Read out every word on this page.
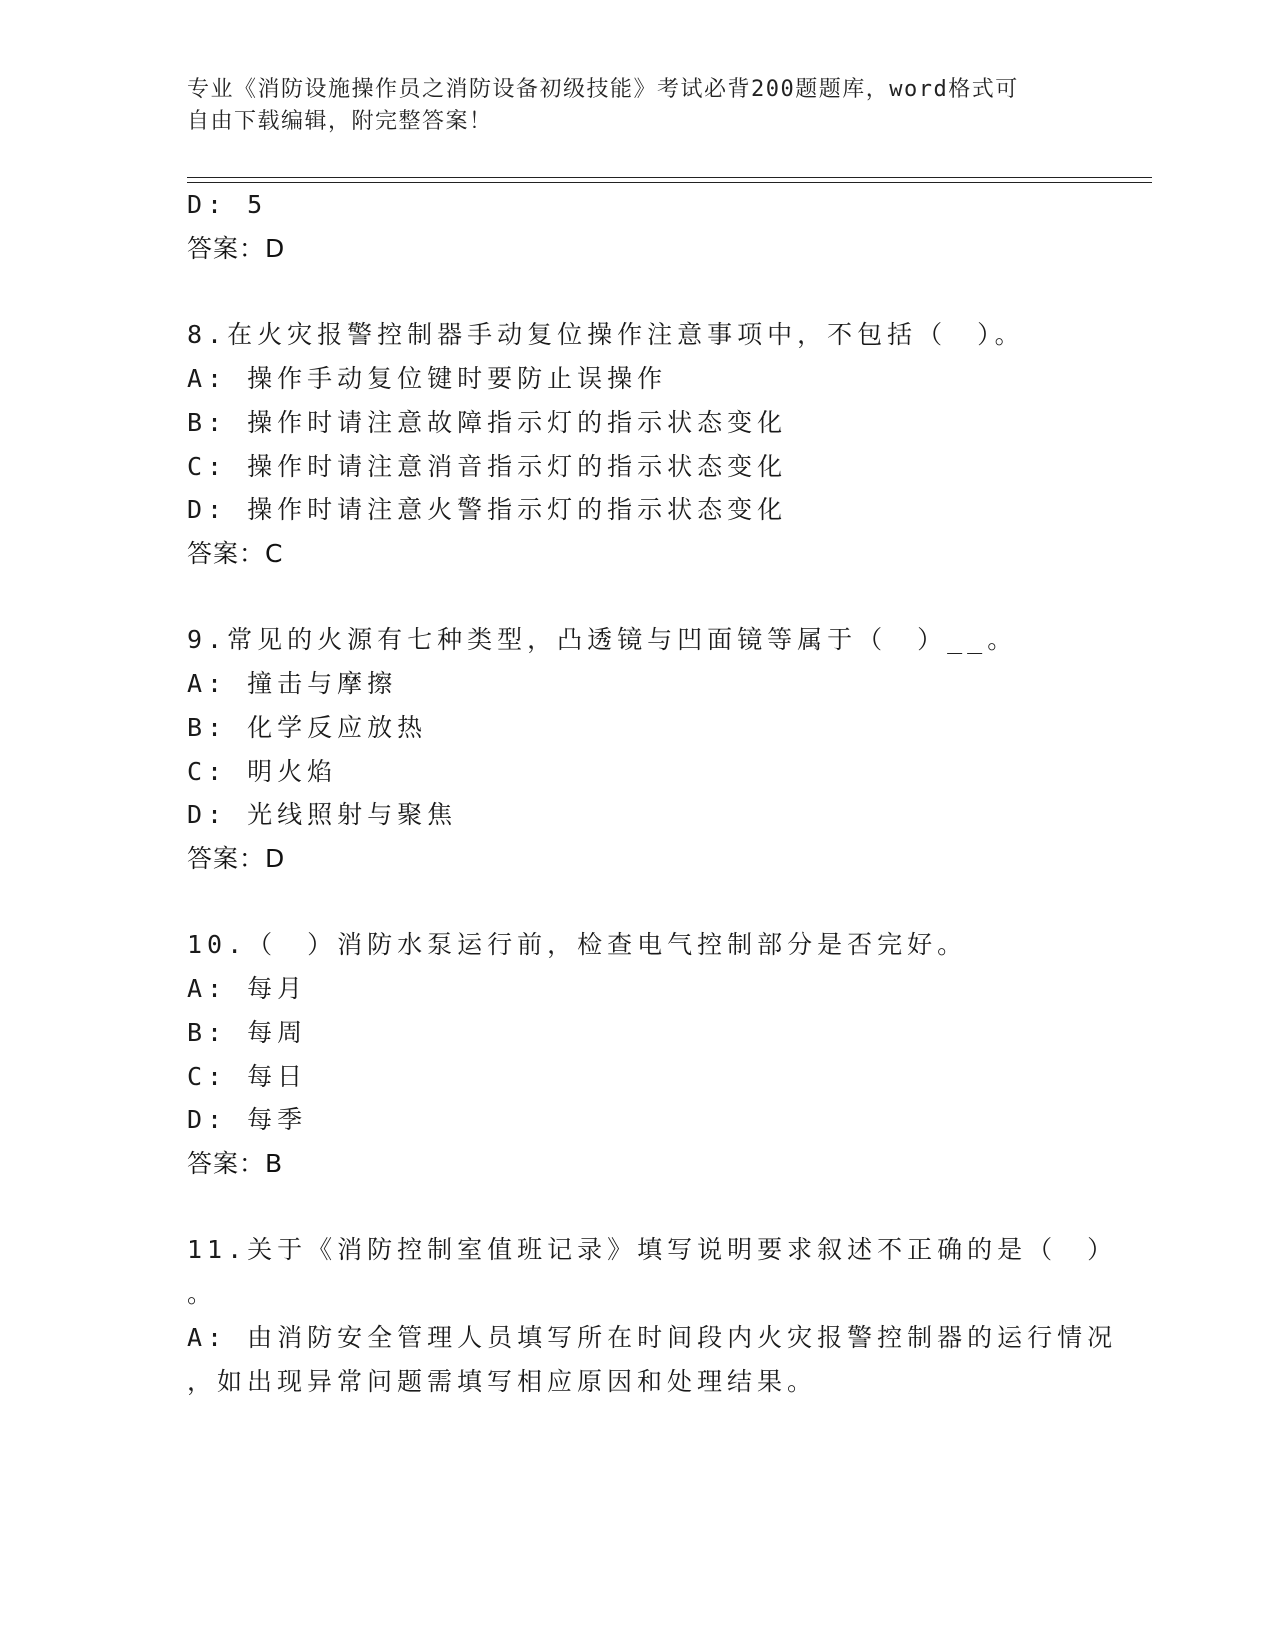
专业《消防设施操作员之消防设备初级技能》考试必背200题题库，word格式可
自由下载编辑，附完整答案！
D: 5
答案：D
8.在火灾报警控制器手动复位操作注意事项中，不包括（　）。
A: 操作手动复位键时要防止误操作
B: 操作时请注意故障指示灯的指示状态变化
C: 操作时请注意消音指示灯的指示状态变化
D: 操作时请注意火警指示灯的指示状态变化
答案：C
9.常见的火源有七种类型，凸透镜与凹面镜等属于（　）__。
A: 撞击与摩擦
B: 化学反应放热
C: 明火焰
D: 光线照射与聚焦
答案：D
10.（　）消防水泵运行前，检查电气控制部分是否完好。
A: 每月
B: 每周
C: 每日
D: 每季
答案：B
11.关于《消防控制室值班记录》填写说明要求叙述不正确的是（　）
。
A: 由消防安全管理人员填写所在时间段内火灾报警控制器的运行情况
，如出现异常问题需填写相应原因和处理结果。
